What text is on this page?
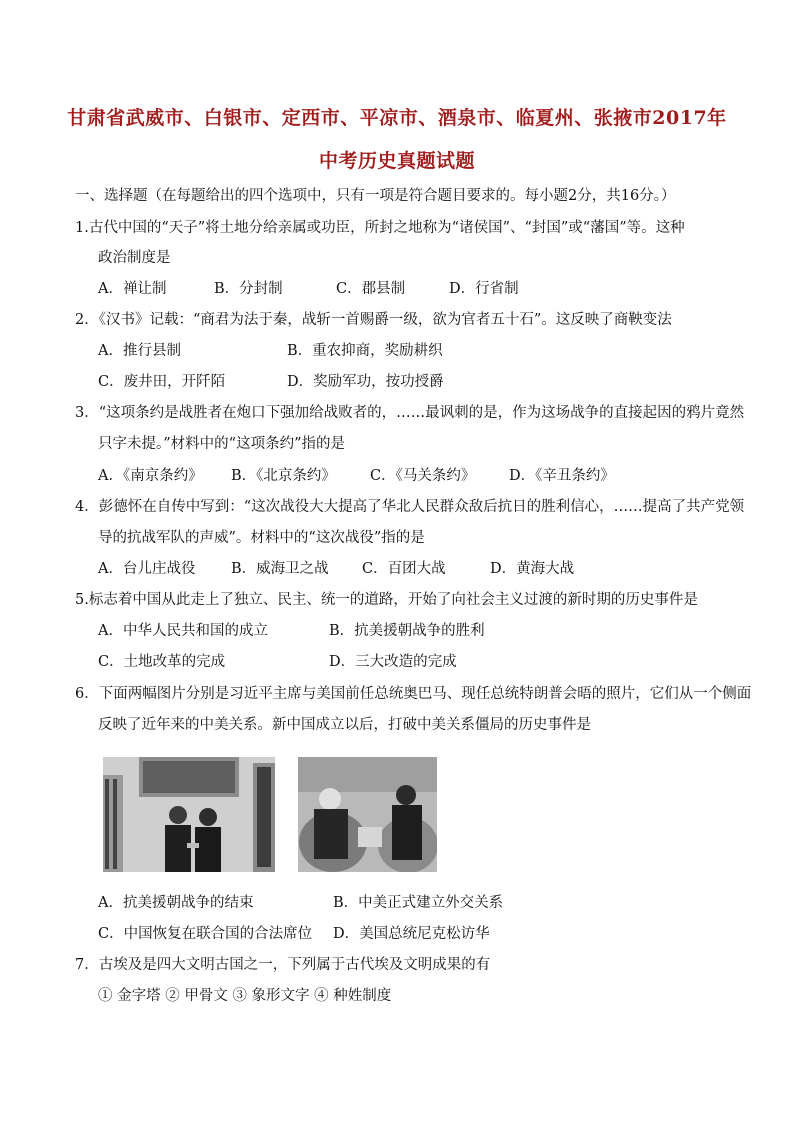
甘肃省武威市、白银市、定西市、平凉市、酒泉市、临夏州、张掖市2017年
中考历史真题试题
一、选择题（在每题给出的四个选项中，只有一项是符合题目要求的。每小题2分，共16分。）
1.古代中国的“天子”将土地分给亲属或功臣，所封之地称为“诸侯国”、“封国”或“藩国”等。这种
政治制度是
A．禅让制	B．分封制	C．郡县制	D．行省制
2．《汉书》记载：“商君为法于秦，战斩一首赐爵一级，欲为官者五十石”。这反映了商鞅变法
A．推行县制	B．重农抑商，奖励耕织
C．废井田，开阡陌	D．奖励军功，按功授爵
3．“这项条约是战胜者在炮口下强加给战败者的，……最讽刺的是，作为这场战争的直接起因的鸦片竟然
只字未提。”材料中的“这项条约”指的是
A．《南京条约》 B．《北京条约》 C．《马关条约》 D．《辛丑条约》
4．彭德怀在自传中写到：“这次战役大大提高了华北人民群众敌后抗日的胜利信心，……提高了共产党领
导的抗战军队的声威”。材料中的“这次战役”指的是
A．台儿庄战役 B．威海卫之战 C．百团大战	D．黄海大战
5.标志着中国从此走上了独立、民主、统一的道路，开始了向社会主义过渡的新时期的历史事件是
A．中华人民共和国的成立	B．抗美援朝战争的胜利
C．土地改革的完成	D．三大改造的完成
6．下面两幅图片分别是习近平主席与美国前任总统奥巴马、现任总统特朗普会晤的照片，它们从一个侧面
反映了近年来的中美关系。新中国成立以后，打破中美关系僵局的历史事件是
A．抗美援朝战争的结束	B．中美正式建立外交关系
C．中国恢复在联合国的合法席位 D．美国总统尼克松访华
7．古埃及是四大文明古国之一，下列属于古代埃及文明成果的有
① 金字塔 ② 甲骨文 ③ 象形文字 ④ 种姓制度
